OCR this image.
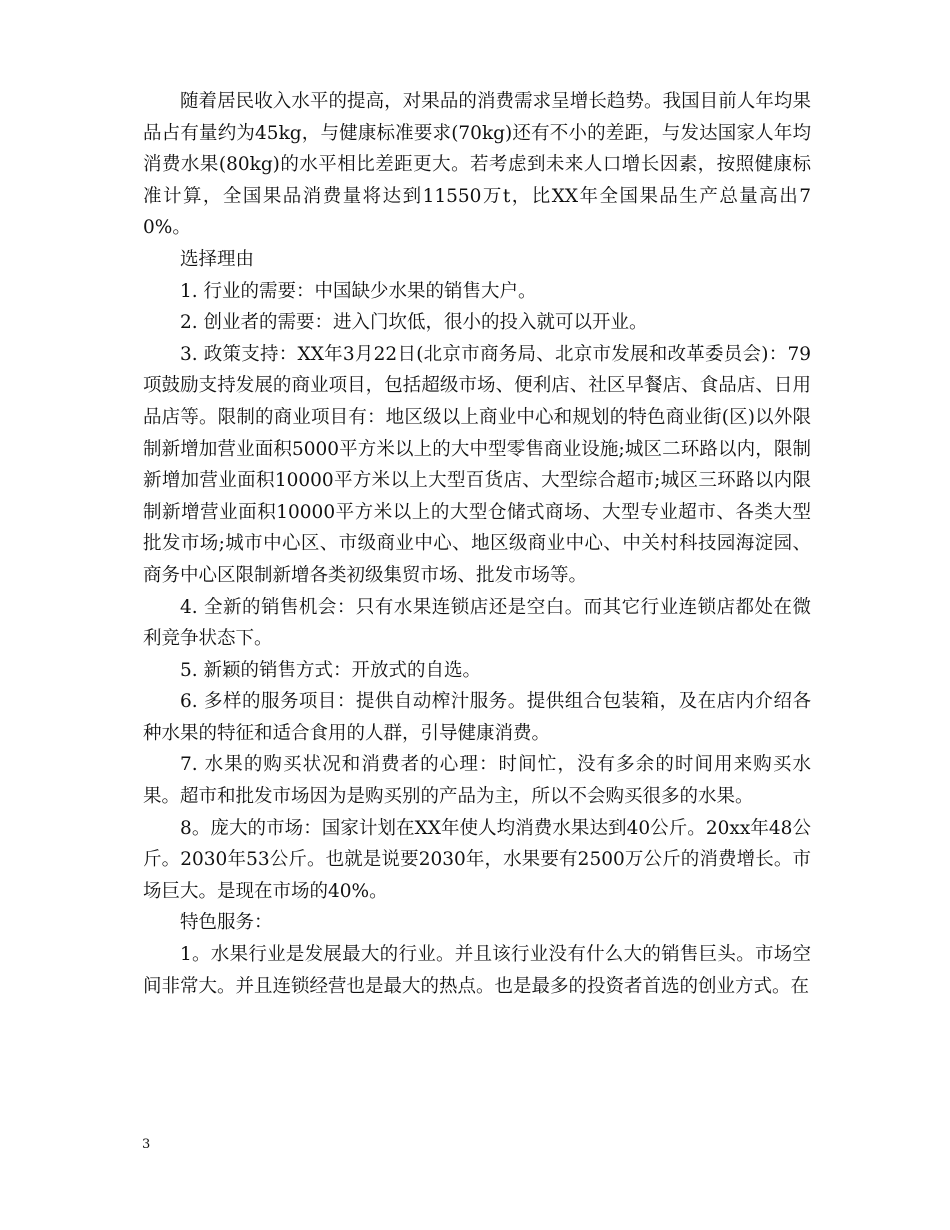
随着居民收入水平的提高，对果品的消费需求呈增长趋势。我国目前人年均果品占有量约为45kg，与健康标准要求(70kg)还有不小的差距，与发达国家人年均消费水果(80kg)的水平相比差距更大。若考虑到未来人口增长因素，按照健康标准计算，全国果品消费量将达到11550万t，比XX年全国果品生产总量高出70%。

选择理由

1. 行业的需要：中国缺少水果的销售大户。

2. 创业者的需要：进入门坎低，很小的投入就可以开业。

3. 政策支持：XX年3月22日(北京市商务局、北京市发展和改革委员会)：79项鼓励支持发展的商业项目，包括超级市场、便利店、社区早餐店、食品店、日用品店等。限制的商业项目有：地区级以上商业中心和规划的特色商业街(区)以外限制新增加营业面积5000平方米以上的大中型零售商业设施;城区二环路以内，限制新增加营业面积10000平方米以上大型百货店、大型综合超市;城区三环路以内限制新增营业面积10000平方米以上的大型仓储式商场、大型专业超市、各类大型批发市场;城市中心区、市级商业中心、地区级商业中心、中关村科技园海淀园、商务中心区限制新增各类初级集贸市场、批发市场等。

4. 全新的销售机会：只有水果连锁店还是空白。而其它行业连锁店都处在微利竞争状态下。

5. 新颖的销售方式：开放式的自选。

6. 多样的服务项目：提供自动榨汁服务。提供组合包装箱，及在店内介绍各种水果的特征和适合食用的人群，引导健康消费。

7. 水果的购买状况和消费者的心理：时间忙，没有多余的时间用来购买水果。超市和批发市场因为是购买别的产品为主，所以不会购买很多的水果。

8。庞大的市场：国家计划在XX年使人均消费水果达到40公斤。20xx年48公斤。2030年53公斤。也就是说要2030年，水果要有2500万公斤的消费增长。市场巨大。是现在市场的40%。

特色服务：

1。水果行业是发展最大的行业。并且该行业没有什么大的销售巨头。市场空间非常大。并且连锁经营也是最大的热点。也是最多的投资者首选的创业方式。在

3
